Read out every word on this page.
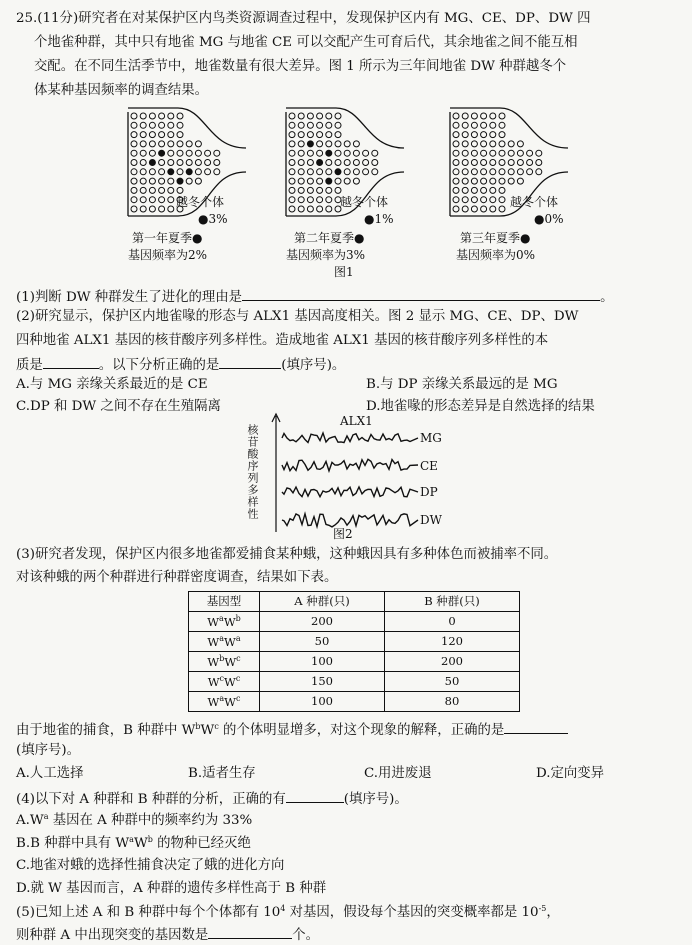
25.(11分)研究者在对某保护区内鸟类资源调查过程中，发现保护区内有 MG、CE、DP、DW 四
个地雀种群，其中只有地雀 MG 与地雀 CE 可以交配产生可育后代，其余地雀之间不能互相
交配。在不同生活季节中，地雀数量有很大差异。图 1 所示为三年间地雀 DW 种群越冬个
体某种基因频率的调查结果。
越冬个体
●3%
第一年夏季●
基因频率为2%
越冬个体
●1%
第二年夏季●
基因频率为3%
越冬个体
●0%
第三年夏季●
基因频率为0%
图1
(1)判断 DW 种群发生了进化的理由是	。
(2)研究显示，保护区内地雀喙的形态与 ALX1 基因高度相关。图 2 显示 MG、CE、DP、DW
四种地雀 ALX1 基因的核苷酸序列多样性。造成地雀 ALX1 基因的核苷酸序列多样性的本
质是	。以下分析正确的是	(填序号)。
A.与 MG 亲缘关系最近的是 CE	B.与 DP 亲缘关系最远的是 MG
C.DP 和 DW 之间不存在生殖隔离	D.地雀喙的形态差异是自然选择的结果
ALX1
MG
CE
DP
DW
核苷酸序列多样性
图2
(3)研究者发现，保护区内很多地雀都爱捕食某种蛾，这种蛾因具有多种体色而被捕率不同。
对该种蛾的两个种群进行种群密度调查，结果如下表。
基因型	A 种群(只)	B 种群(只)
$W^aW^b$	200	0
$W^aW^a$	50	120
$W^bW^c$	100	200
$W^cW^c$	150	50
$W^aW^c$	100	80
由于地雀的捕食，B 种群中 $W^bW^c$ 的个体明显增多，对这个现象的解释，正确的是
(填序号)。
A.人工选择	B.适者生存	C.用进废退	D.定向变异
(4)以下对 A 种群和 B 种群的分析，正确的有	(填序号)。
$A.W^a$ 基因在 A 种群中的频率约为 33%
B.B 种群中具有 $W^aW^b$ 的物种已经灭绝
C.地雀对蛾的选择性捕食决定了蛾的进化方向
D.就 W 基因而言，A 种群的遗传多样性高于 B 种群
(5)已知上述 A 和 B 种群中每个个体都有 $10^4$ 对基因，假设每个基因的突变概率都是 $10^{-5}$，
则种群 A 中出现突变的基因数是	个。
